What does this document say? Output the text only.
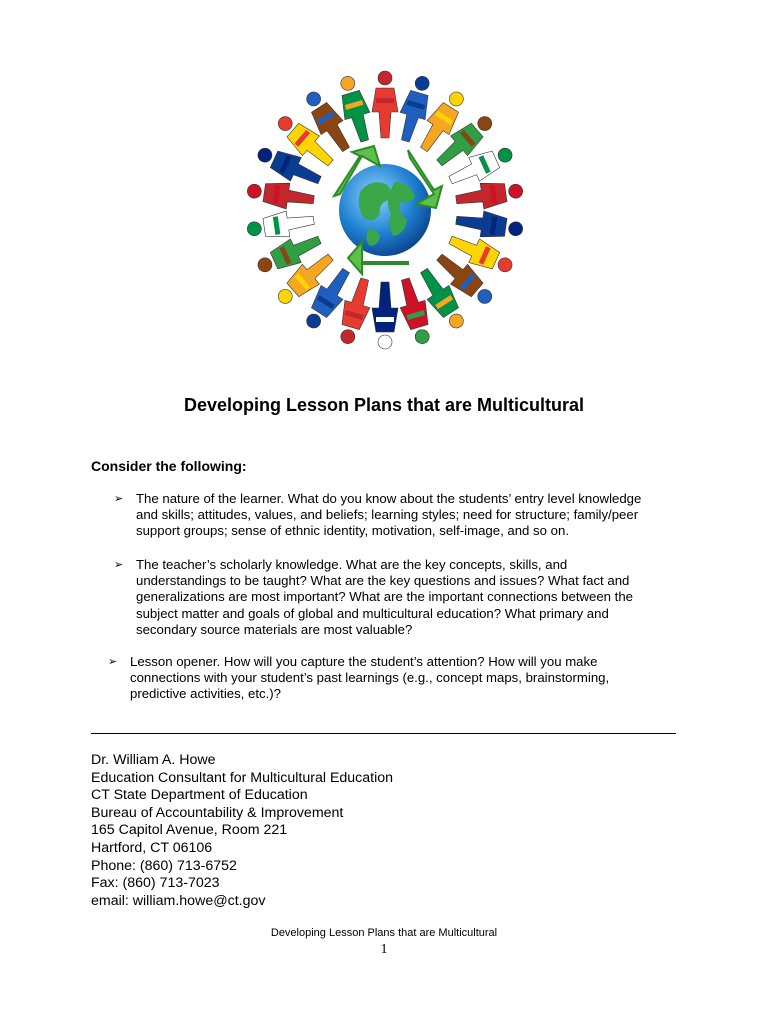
Developing Lesson Plans that are Multicultural
Consider the following:
➢ The nature of the learner. What do you know about the students’ entry level knowledge
and skills; attitudes, values, and beliefs; learning styles; need for structure; family/peer
support groups; sense of ethnic identity, motivation, self-image, and so on.
➢ The teacher’s scholarly knowledge. What are the key concepts, skills, and
understandings to be taught? What are the key questions and issues? What fact and
generalizations are most important? What are the important connections between the
subject matter and goals of global and multicultural education? What primary and
secondary source materials are most valuable?
➢ Lesson opener. How will you capture the student’s attention? How will you make
connections with your student’s past learnings (e.g., concept maps, brainstorming,
predictive activities, etc.)?
Dr. William A. Howe
Education Consultant for Multicultural Education
CT State Department of Education
Bureau of Accountability & Improvement
165 Capitol Avenue, Room 221
Hartford, CT 06106
Phone: (860) 713-6752
Fax: (860) 713-7023
email: william.howe@ct.gov
Developing Lesson Plans that are Multicultural
1
